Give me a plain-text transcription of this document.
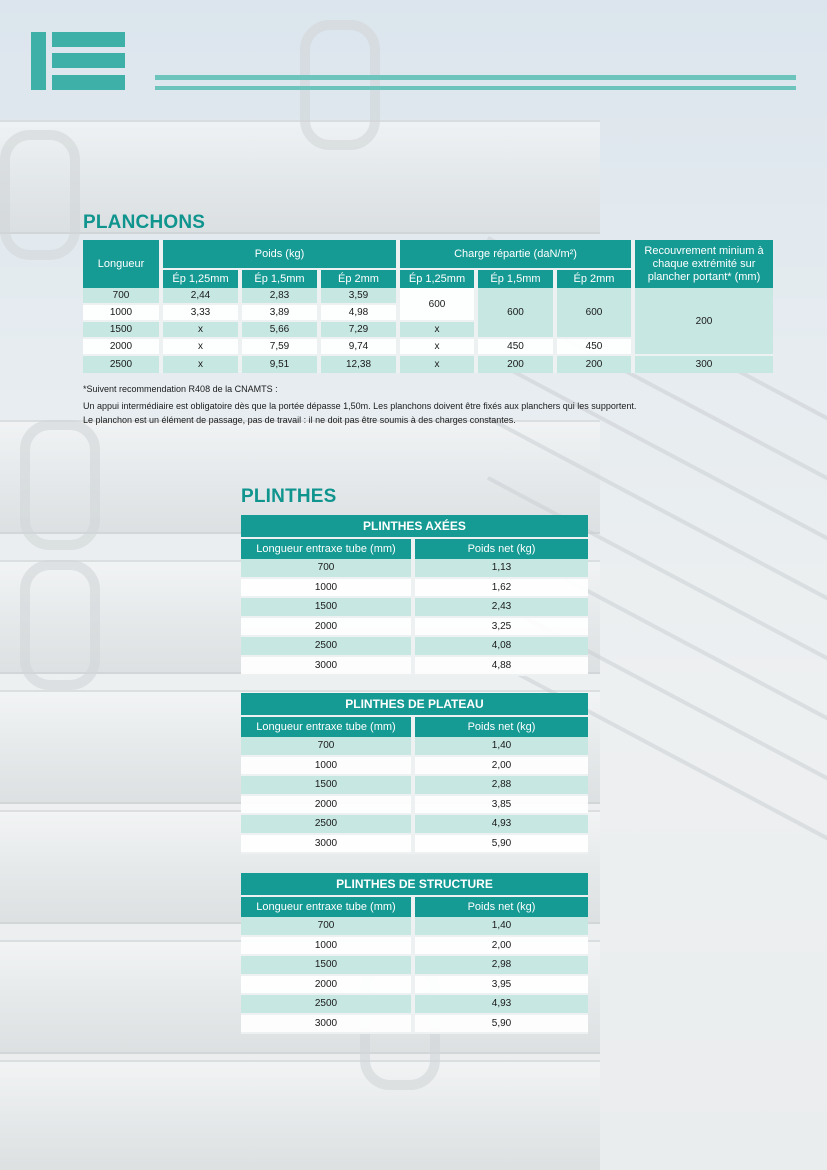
PLANCHONS
Longueur	Poids (kg)			Charge répartie (daN/m²)			Recouvrement minium à chaque extrémité sur plancher portant* (mm)
	Ép 1,25mm	Ép 1,5mm	Ép 2mm	Ép 1,25mm	Ép 1,5mm	Ép 2mm	
700	2,44	2,83	3,59	600	600	600	200
1000	3,33	3,89	4,98				
1500	x	5,66	7,29	x			
2000	x	7,59	9,74	x	450	450	
2500	x	9,51	12,38	x	200	200	300

*Suivent recommendation R408 de la CNAMTS :

Un appui intermédiaire est obligatoire dès que la portée dépasse 1,50m. Les planchons doivent être fixés aux planchers qui les supportent.

Le planchon est un élément de passage, pas de travail : il ne doit pas être soumis à des charges constantes.

PLINTHES
PLINTHES AXÉES	
Longueur entraxe tube (mm)	Poids net (kg)
700	1,13
1000	1,62
1500	2,43
2000	3,25
2500	4,08
3000	4,88
PLINTHES DE PLATEAU	
Longueur entraxe tube (mm)	Poids net (kg)
700	1,40
1000	2,00
1500	2,88
2000	3,85
2500	4,93
3000	5,90
PLINTHES DE STRUCTURE	
Longueur entraxe tube (mm)	Poids net (kg)
700	1,40
1000	2,00
1500	2,98
2000	3,95
2500	4,93
3000	5,90
